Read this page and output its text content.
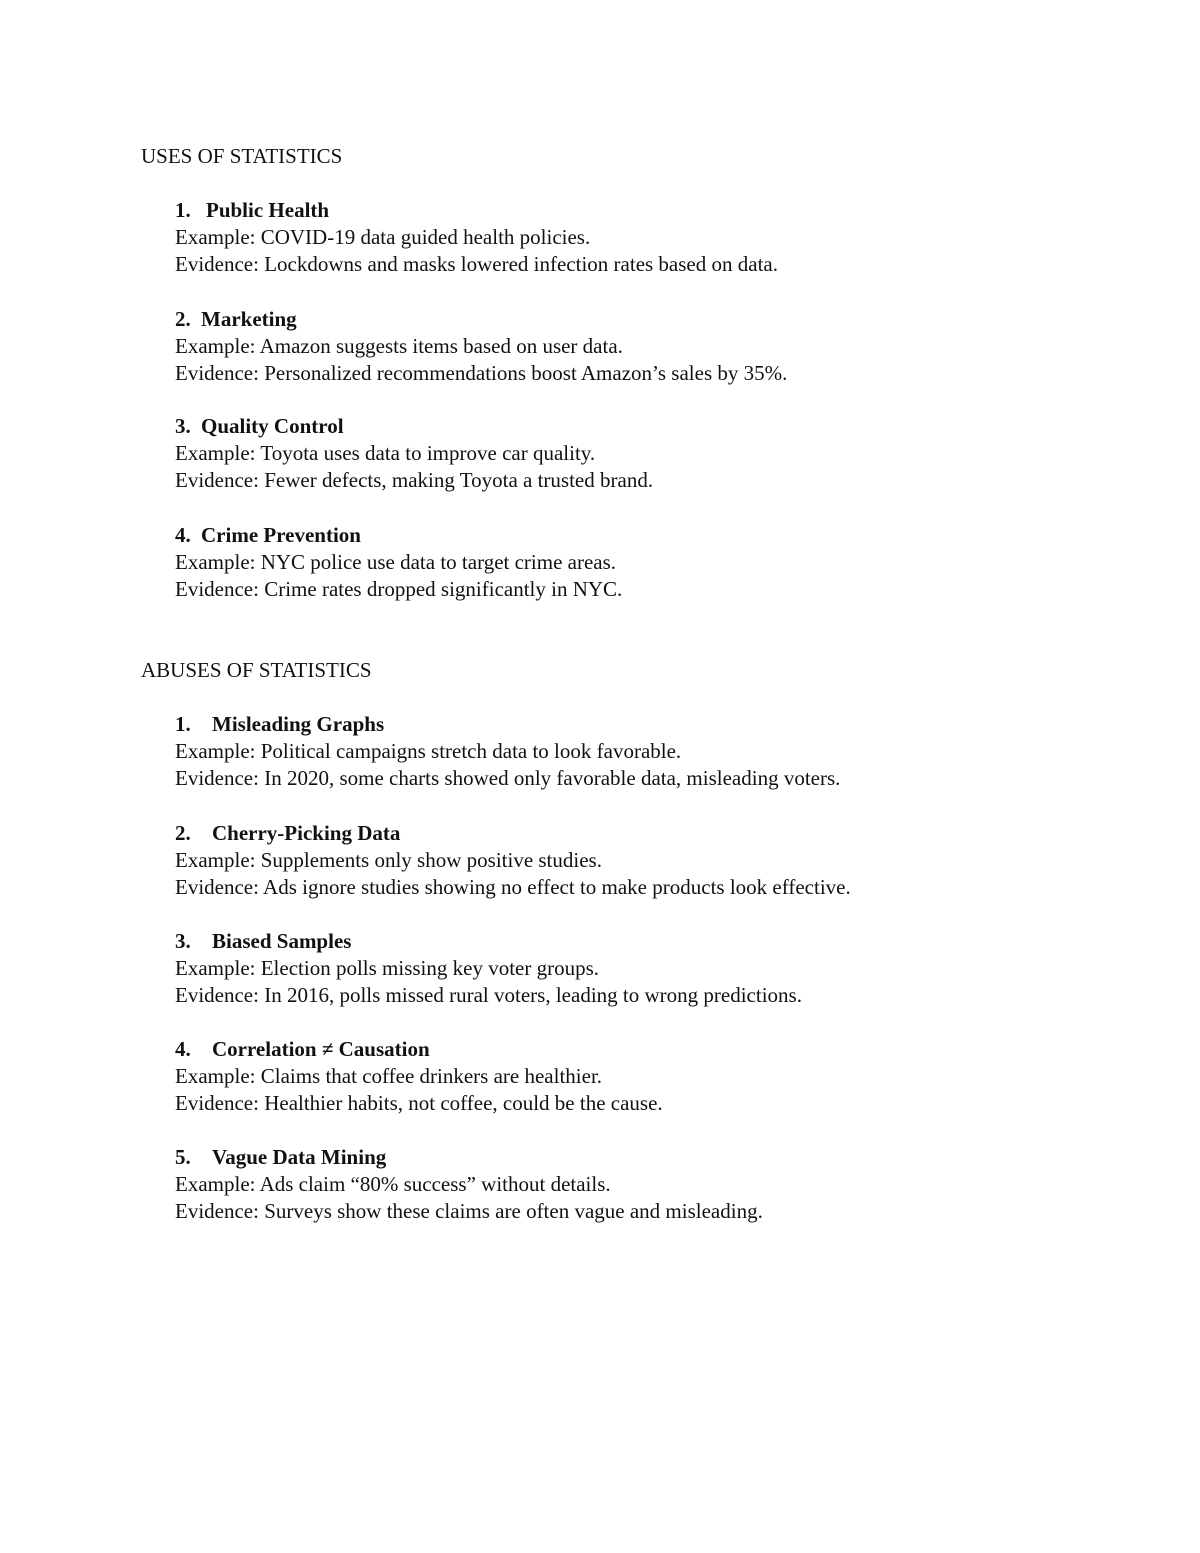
USES OF STATISTICS
1. Public Health
Example: COVID-19 data guided health policies.
Evidence: Lockdowns and masks lowered infection rates based on data.
2. Marketing
Example: Amazon suggests items based on user data.
Evidence: Personalized recommendations boost Amazon’s sales by 35%.
3. Quality Control
Example: Toyota uses data to improve car quality.
Evidence: Fewer defects, making Toyota a trusted brand.
4. Crime Prevention
Example: NYC police use data to target crime areas.
Evidence: Crime rates dropped significantly in NYC.
ABUSES OF STATISTICS
1. Misleading Graphs
Example: Political campaigns stretch data to look favorable.
Evidence: In 2020, some charts showed only favorable data, misleading voters.
2. Cherry-Picking Data
Example: Supplements only show positive studies.
Evidence: Ads ignore studies showing no effect to make products look effective.
3. Biased Samples
Example: Election polls missing key voter groups.
Evidence: In 2016, polls missed rural voters, leading to wrong predictions.
4. Correlation ≠ Causation
Example: Claims that coffee drinkers are healthier.
Evidence: Healthier habits, not coffee, could be the cause.
5. Vague Data Mining
Example: Ads claim “80% success” without details.
Evidence: Surveys show these claims are often vague and misleading.
